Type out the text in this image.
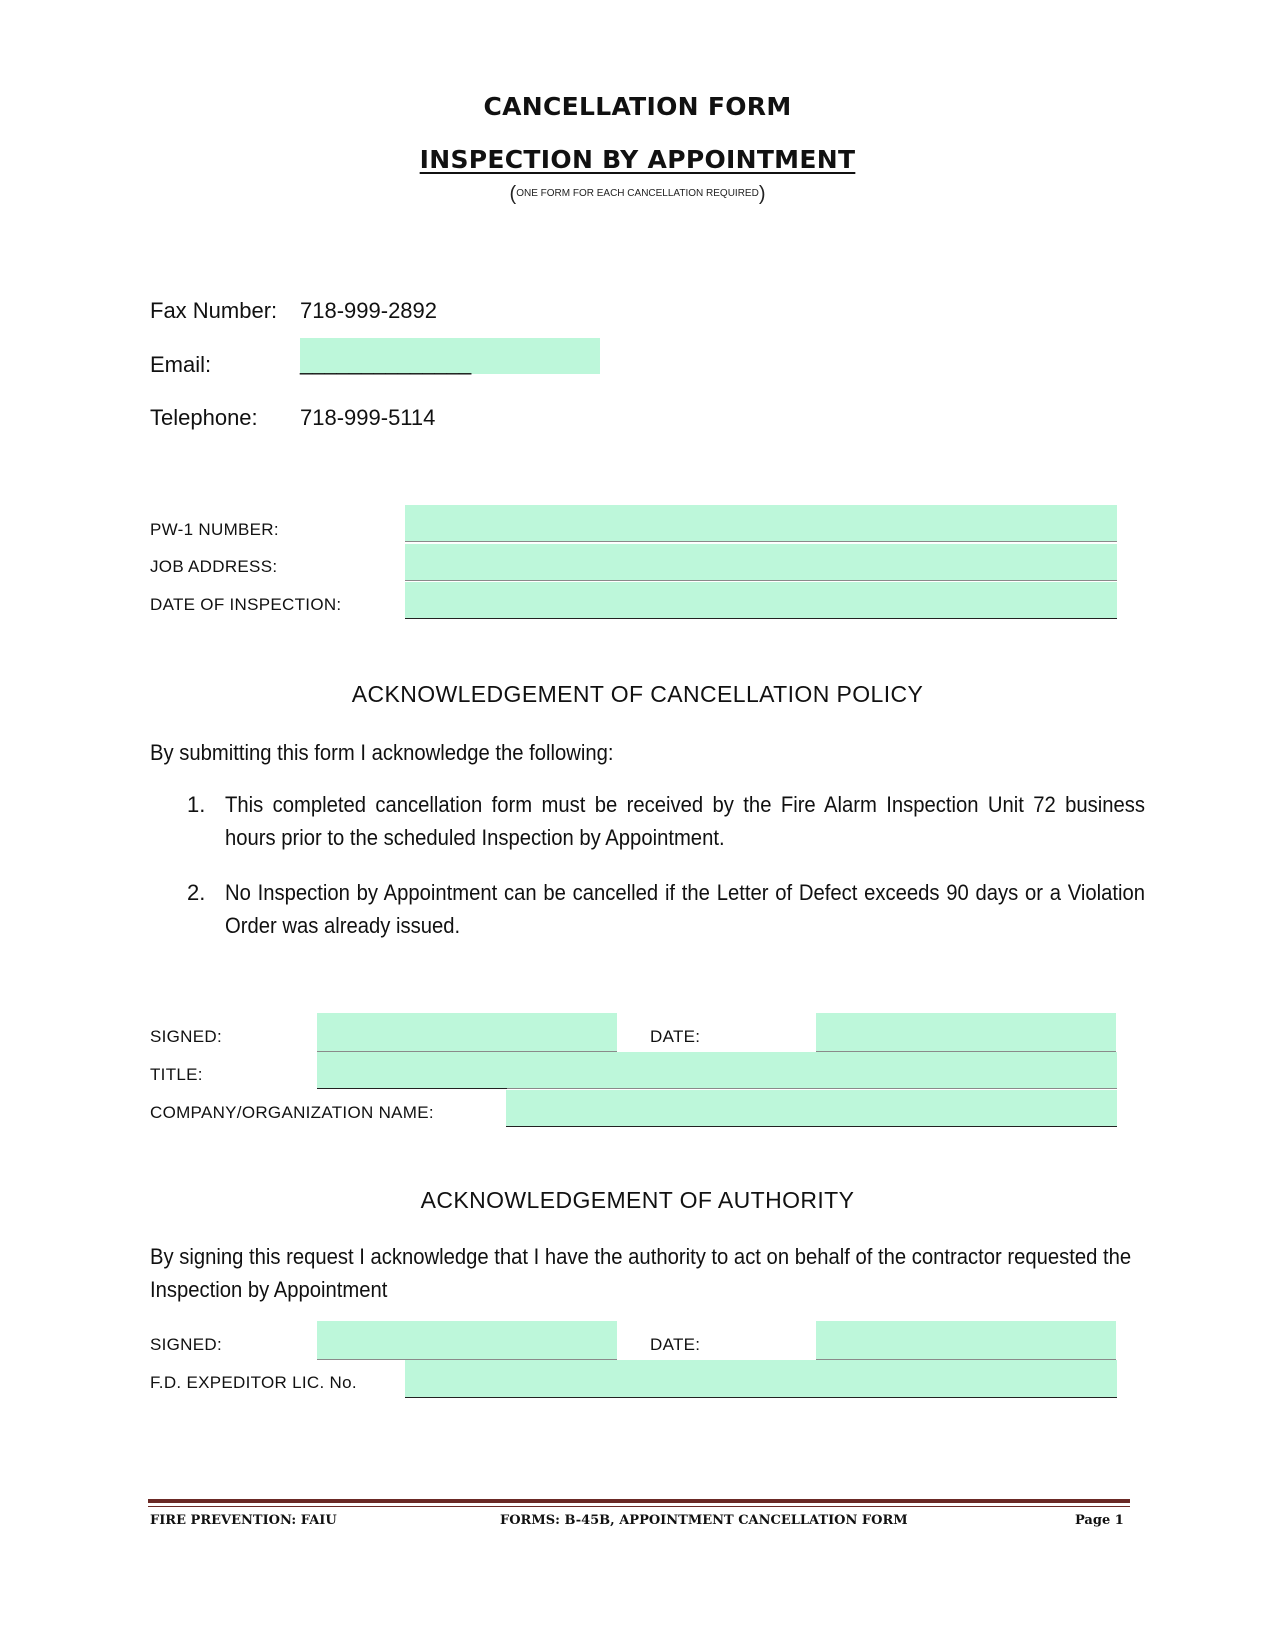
CANCELLATION FORM
INSPECTION BY APPOINTMENT
(ONE FORM FOR EACH CANCELLATION REQUIRED)
Fax Number: 718-999-2892
Email:	______________
Telephone: 718-999-5114
PW-1 NUMBER:
JOB ADDRESS:
DATE OF INSPECTION:
ACKNOWLEDGEMENT OF CANCELLATION POLICY
By submitting this form I acknowledge the following:
1. This completed cancellation form must be received by the Fire Alarm Inspection Unit 72 business hours prior to the scheduled Inspection by Appointment.
2. No Inspection by Appointment can be cancelled if the Letter of Defect exceeds 90 days or a Violation Order was already issued.
SIGNED:	DATE:
TITLE:
COMPANY/ORGANIZATION NAME:
ACKNOWLEDGEMENT OF AUTHORITY
By signing this request I acknowledge that I have the authority to act on behalf of the contractor requested the Inspection by Appointment
SIGNED:	DATE:
F.D. EXPEDITOR LIC. No.
FIRE PREVENTION: FAIU	FORMS: B-45B, APPOINTMENT CANCELLATION FORM	Page 1
